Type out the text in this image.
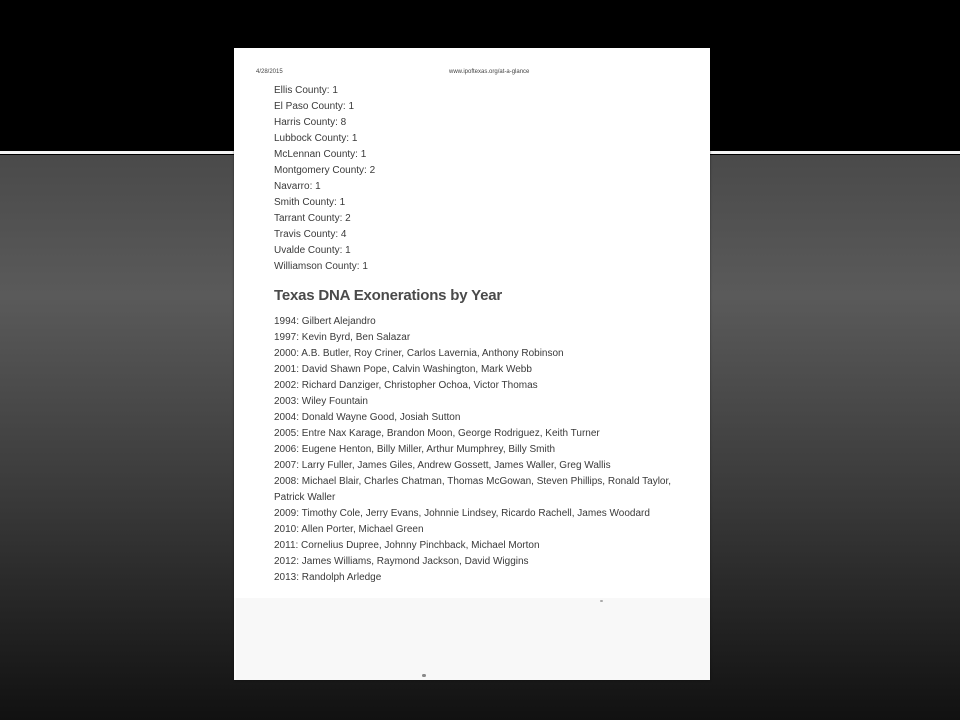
4/28/2015	www.ipoftexas.org/at-a-glance
Ellis County: 1
El Paso County: 1
Harris County: 8
Lubbock County: 1
McLennan County: 1
Montgomery County: 2
Navarro: 1
Smith County: 1
Tarrant County: 2
Travis County: 4
Uvalde County: 1
Williamson County: 1
Texas DNA Exonerations by Year
1994: Gilbert Alejandro
1997: Kevin Byrd, Ben Salazar
2000: A.B. Butler, Roy Criner, Carlos Lavernia, Anthony Robinson
2001: David Shawn Pope, Calvin Washington, Mark Webb
2002: Richard Danziger, Christopher Ochoa, Victor Thomas
2003: Wiley Fountain
2004: Donald Wayne Good, Josiah Sutton
2005: Entre Nax Karage, Brandon Moon, George Rodriguez, Keith Turner
2006: Eugene Henton, Billy Miller, Arthur Mumphrey, Billy Smith
2007: Larry Fuller, James Giles, Andrew Gossett, James Waller, Greg Wallis
2008: Michael Blair, Charles Chatman, Thomas McGowan, Steven Phillips, Ronald Taylor, Patrick Waller
2009: Timothy Cole, Jerry Evans, Johnnie Lindsey, Ricardo Rachell, James Woodard
2010: Allen Porter, Michael Green
2011: Cornelius Dupree, Johnny Pinchback, Michael Morton
2012: James Williams, Raymond Jackson, David Wiggins
2013: Randolph Arledge
